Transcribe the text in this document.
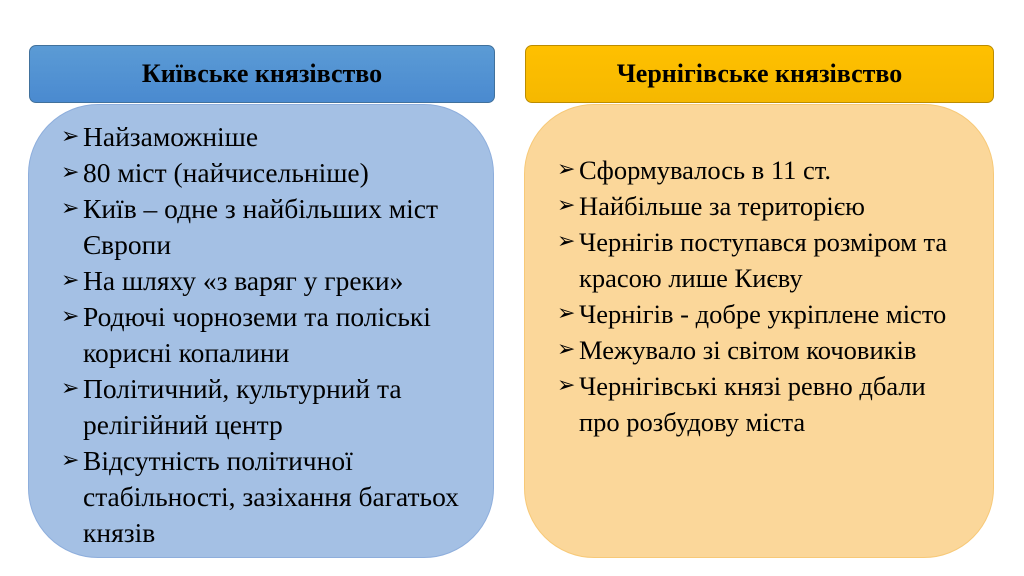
Київське князівство
➢ Найзаможніше
➢ 80 міст (найчисельніше)
➢ Київ – одне з найбільших міст Європи
➢ На шляху «з варяг у греки»
➢ Родючі чорноземи та поліські корисні копалини
➢ Політичний, культурний та релігійний центр
➢ Відсутність політичної стабільності, зазіхання багатьох князів
Чернігівське князівство
➢ Сформувалось в 11 ст.
➢ Найбільше за територією
➢ Чернігів поступався розміром та красою лише Києву
➢ Чернігів - добре укріплене місто
➢ Межувало зі світом кочовиків
➢ Чернігівські князі ревно дбали про розбудову міста
